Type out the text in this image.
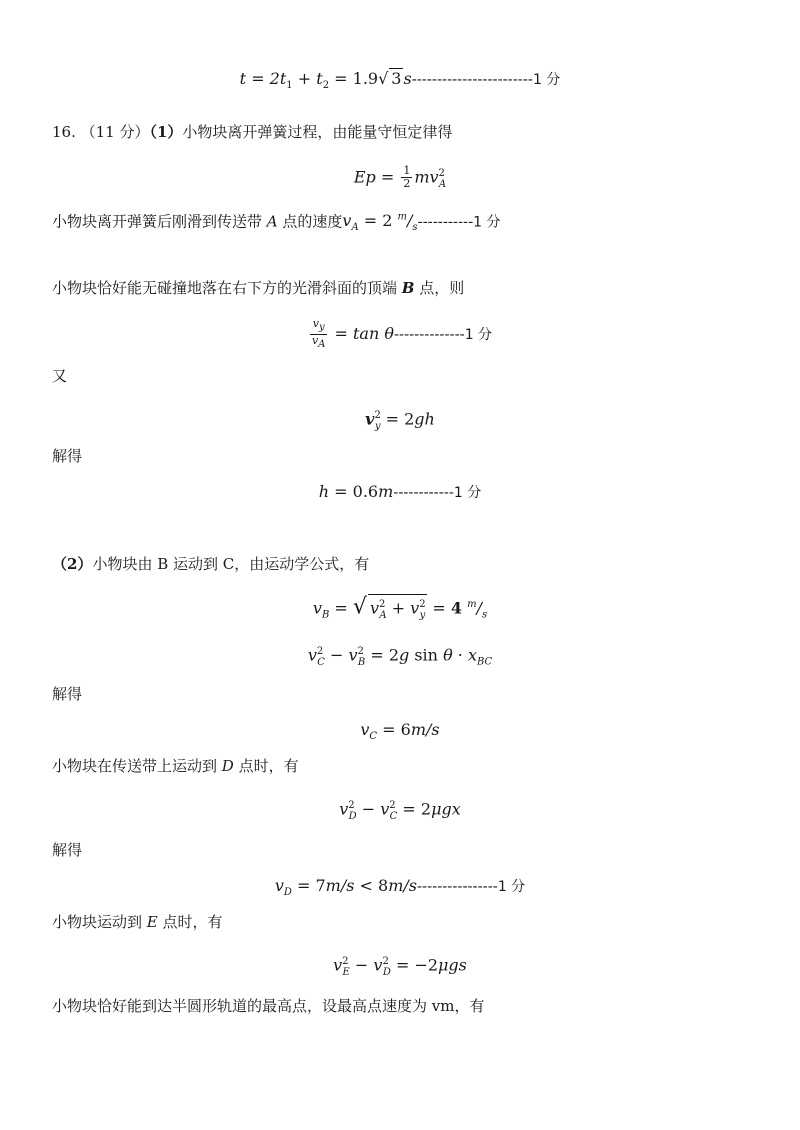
$t = 2t_1 + t_2 = 1.9√$ 3 s------------------------1 分
16. （11 分）（1）小物块离开弹簧过程，由能量守恒定律得
$Ep = \frac{1}{2} mv^2_A$
小物块离开弹簧后刚滑到传送带 A 点的速度$v_A = 2$ $^m/_s-----------1$ 分
小物块恰好能无碰撞地落在右下方的光滑斜面的顶端 B 点，则
$\frac{v_y}{v_A} = \tan \theta--------------1$ 分
又
$v^2_y = 2gh$
解得
h = 0.6m------------1 分
（2）小物块由 B 运动到 C，由运动学公式，有
$v_B$ = √ $v^2_A + v^2_y = 4$ $^m/_s$
$v^2_C - v^2_B = 2g$ $\sin \theta \cdot x_{BC}$
解得
$v_C = 6m/s$
小物块在传送带上运动到 D 点时，有
$v^2_D - v^2_C = 2\mu gx$
解得
$v_D = 7m/s < 8m/s----------------1$ 分
小物块运动到 E 点时，有
$v^2_E - v^2_D = -2\mu gs$
小物块恰好能到达半圆形轨道的最高点，设最高点速度为 vm，有
